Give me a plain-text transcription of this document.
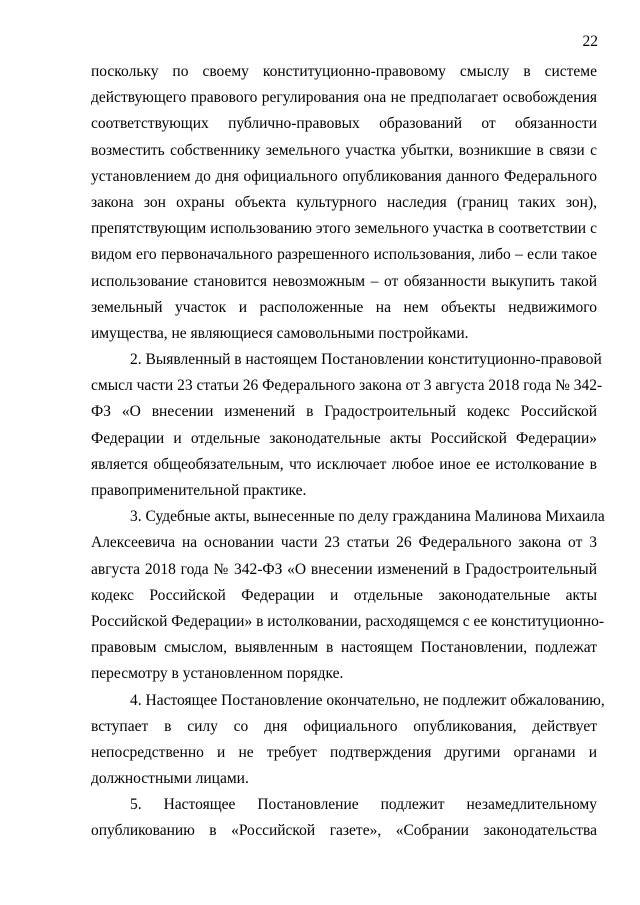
22
поскольку по своему конституционно-правовому смыслу в системе
действующего правового регулирования она не предполагает освобождения
соответствующих публично-правовых образований от обязанности
возместить собственнику земельного участка убытки, возникшие в связи с
установлением до дня официального опубликования данного Федерального
закона зон охраны объекта культурного наследия (границ таких зон),
препятствующим использованию этого земельного участка в соответствии с
видом его первоначального разрешенного использования, либо – если такое
использование становится невозможным – от обязанности выкупить такой
земельный участок и расположенные на нем объекты недвижимого
имущества, не являющиеся самовольными постройками.
2. Выявленный в настоящем Постановлении конституционно-правовой
смысл части 23 статьи 26 Федерального закона от 3 августа 2018 года № 342-
ФЗ «О внесении изменений в Градостроительный кодекс Российской
Федерации и отдельные законодательные акты Российской Федерации»
является общеобязательным, что исключает любое иное ее истолкование в
правоприменительной практике.
3. Судебные акты, вынесенные по делу гражданина Малинова Михаила
Алексеевича на основании части 23 статьи 26 Федерального закона от 3
августа 2018 года № 342-ФЗ «О внесении изменений в Градостроительный
кодекс Российской Федерации и отдельные законодательные акты
Российской Федерации» в истолковании, расходящемся с ее конституционно-
правовым смыслом, выявленным в настоящем Постановлении, подлежат
пересмотру в установленном порядке.
4. Настоящее Постановление окончательно, не подлежит обжалованию,
вступает в силу со дня официального опубликования, действует
непосредственно и не требует подтверждения другими органами и
должностными лицами.
5. Настоящее Постановление подлежит незамедлительному
опубликованию в «Российской газете», «Собрании законодательства
